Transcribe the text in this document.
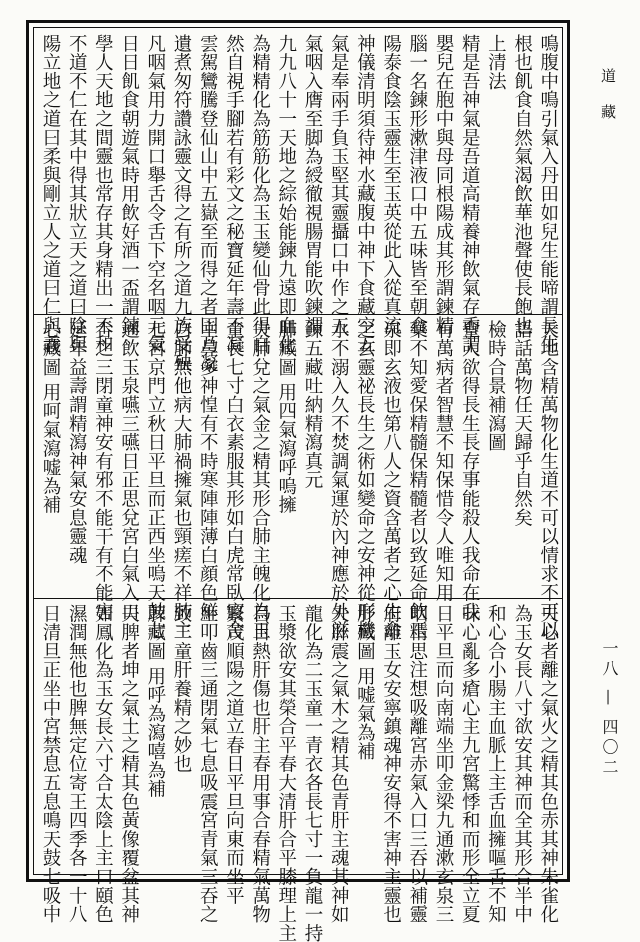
鳴腹中鳴引氣入丹田如兒生能啼謂長生
根也飢食自然氣渴飲華池聲使長飽也
上清法
精是吾神氣是吾道高精養神飲氣存香謂
嬰兒在胞中與母同根陽成其形謂鍊精
腦一名鍊形漱津液口中五味皆至朝食
陽泰食陰玉靈生至玉英從此入從真流
神儀清明須待神水藏腹中神下食藏空五
氣是奉兩手負玉堅其靈攝口中作之五
氣咽入膺至脚為綬徹視腸胃能吹鍊謂
九九八十一天地之綜始能鍊九遠即血化
為精精化為筋筋化為玉玉變仙骨此得自
然自視手腳若有彩文之秘寶延年壽不凝
雲駕鸞騰登仙山中五嶽至而得之者固乃凝
遺煮匆符讚詠靈文得之有所之道九族受殃
凡咽氣用力開口舉舌令舌下空名咽元氣
日日飢食朝遊氣時用飲好酒一盃謂鍊
學人天地之間靈也常存其身精出一不和
不道不仁在其中得其狀立天之道曰陰與
陽立地之道曰柔與剛立人之道曰仁與義
天地含精萬物化生道不可以情求不可以
語話萬物任天歸乎自然矣
檢時合景補瀉圖
聖人欲得長生長存事能殺人我命在我
有萬病者智慧不知保惜令人唯知用
藥不知愛保精髓保精髓者以致延命飲玉
泉即玄液也第八人之資含萬者之心生命
之玄靈祕長生之術如變命之安神從形機
水不溺入久不焚調氣運於內神應於外滋
鍊五藏吐納精瀉真元
肺藏圖 用四氣瀉呼嗚擁
夫肺兌之氣金之精其形合肺主魄化為玉
童長七寸白衣素服其形如白虎常臥寢舍
主鼻多神惶有不時寒陣陣薄白顔色鮮
白肺無他病大肺禍擁氣也頸瘥不祥肺主
七宮京門立秋日平旦而正西坐嗚天鼓七
通飲玉泉嚥三嚥日正思兌宮白氣入口
吞之三閉童神安有邪不能干有不能害
延年益壽謂精瀉神氣安息靈魂
心藏圖 用呵氣瀉嘘為補
夫心者離之氣火之精其色赤其神朱雀化
為玉女長八寸欲安其神而全其形合半中
和心合小腸主血脈上主舌血擁嘔舌不知
味心亂多瘡心主九宮驚悸和而形全立夏
日平旦而向南端坐叩金梁九通漱玄泉三
咽精思注想吸離宮赤氣入口三吞以補靈
府離玉女安寧鎮魂神安得不害神主靈也
肝藏圖 用嘘氣為補
夫肝震之氣木之精其色青肝主魂其神如
龍化為二玉童一青衣各長七寸一負龍一持
玉漿欲安其榮合平春大清肝合平膝理上主
目目熱肝傷也肝主春用事合春精氣萬物
繁茂順陽之道立春日平旦向東而坐平
坐叩齒三通閉氣七息吸震宮青氣三吞之
致二童肝養精之妙也
脾藏圖 用呼為瀉嘻為補
夫脾者坤之氣土之精其色黃像覆盆其神
如鳳化為玉女長六寸合太陰上主口頤色
濕潤無他也脾無定位寄王四季各一十八
日清旦正坐中宮禁息五息鳴天鼓七吸中
道 藏
一八 — 四〇二
